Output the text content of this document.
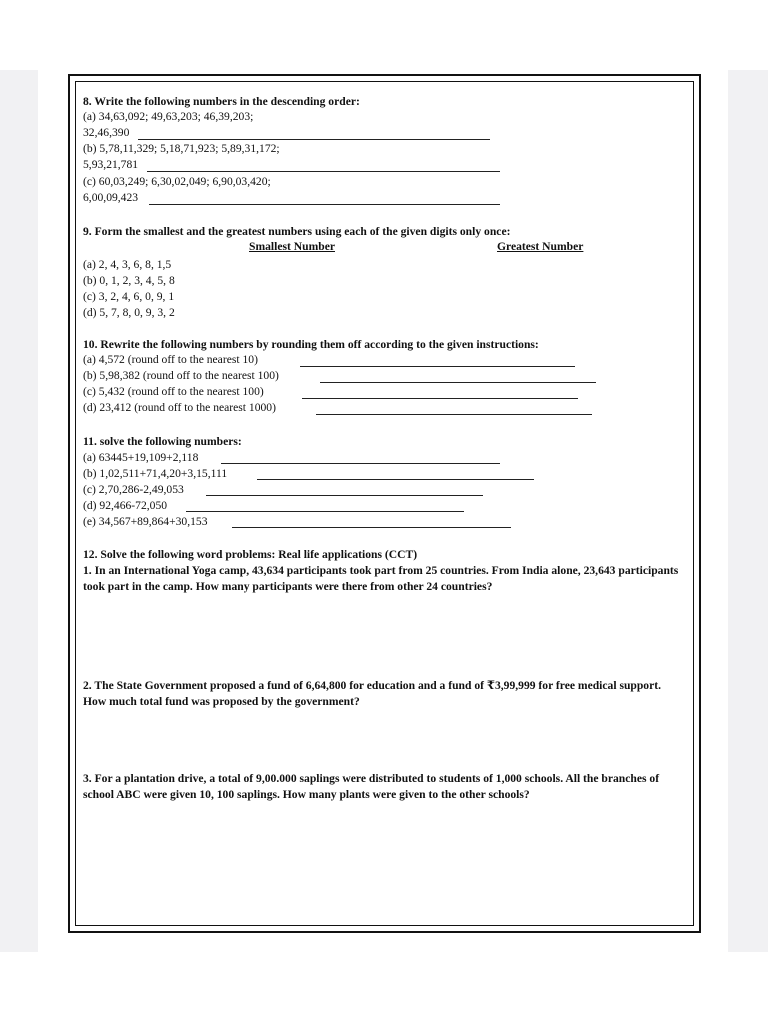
8. Write the following numbers in the descending order:
(a) 34,63,092; 49,63,203; 46,39,203;
32,46,390
(b) 5,78,11,329; 5,18,71,923; 5,89,31,172;
5,93,21,781
(c) 60,03,249; 6,30,02,049; 6,90,03,420;
6,00,09,423
9. Form the smallest and the greatest numbers using each of the given digits only once:
Smallest Number	Greatest Number
(a) 2, 4, 3, 6, 8, 1,5
(b) 0, 1, 2, 3, 4, 5, 8
(c) 3, 2, 4, 6, 0, 9, 1
(d) 5, 7, 8, 0, 9, 3, 2
10. Rewrite the following numbers by rounding them off according to the given instructions:
(a) 4,572 (round off to the nearest 10)
(b) 5,98,382 (round off to the nearest 100)
(c) 5,432 (round off to the nearest 100)
(d) 23,412 (round off to the nearest 1000)
11. solve the following numbers:
(a) 63445+19,109+2,118
(b) 1,02,511+71,4,20+3,15,111
(c) 2,70,286-2,49,053
(d) 92,466-72,050
(e) 34,567+89,864+30,153
12. Solve the following word problems: Real life applications (CCT)
1. In an International Yoga camp, 43,634 participants took part from 25 countries. From India alone, 23,643 participants took part in the camp. How many participants were there from other 24 countries?
2. The State Government proposed a fund of 6,64,800 for education and a fund of ₹3,99,999 for free medical support. How much total fund was proposed by the government?
3. For a plantation drive, a total of 9,00.000 saplings were distributed to students of 1,000 schools. All the branches of school ABC were given 10, 100 saplings. How many plants were given to the other schools?
